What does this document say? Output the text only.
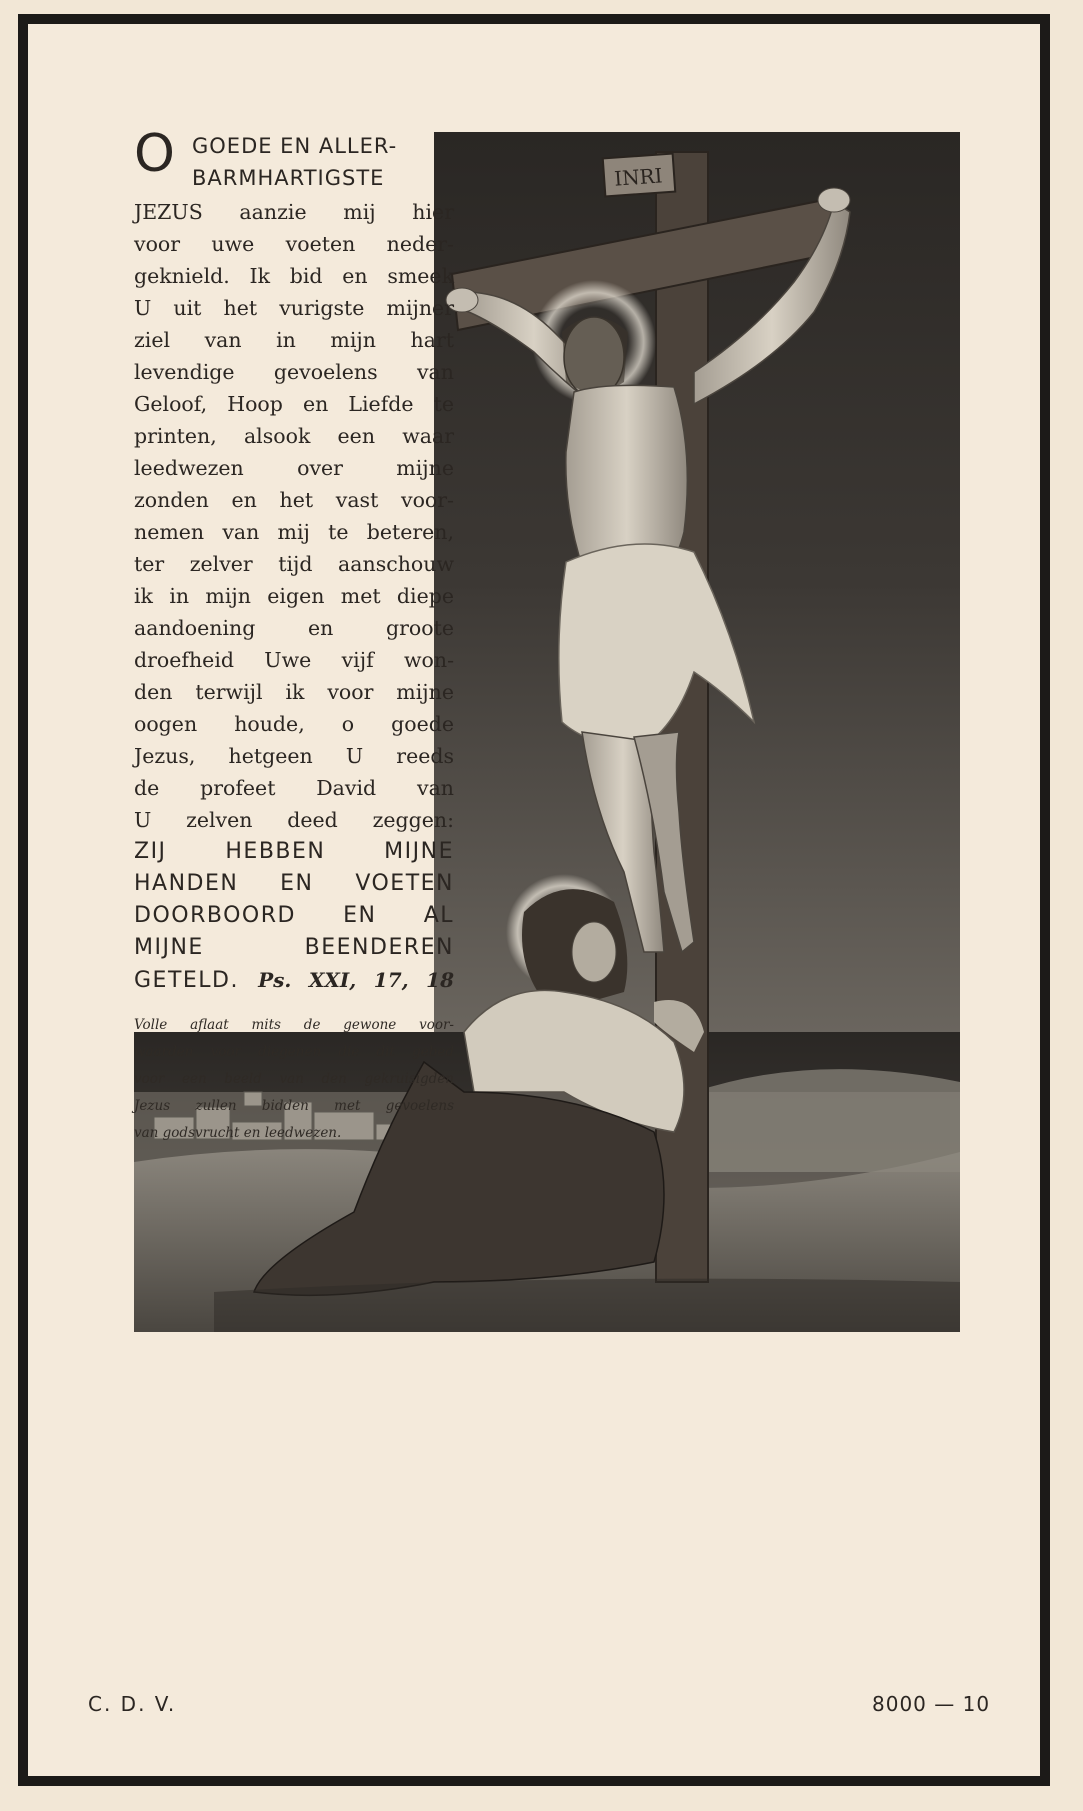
INRI
O GOEDE EN ALLER-
BARMHARTIGSTE
JEZUS aanzie mij hier
voor uwe voeten neder-
geknield. Ik bid en smeek
U uit het vurigste mijner
ziel van in mijn hart
levendige gevoelens van
Geloof, Hoop en Liefde te
printen, alsook een waar
leedwezen over mijne
zonden en het vast voor-
nemen van mij te beteren,
ter zelver tijd aanschouw
ik in mijn eigen met diepe
aandoening en groote
droefheid Uwe vijf won-
den terwijl ik voor mijne
oogen houde, o goede
Jezus, hetgeen U reeds
de profeet David van
U zelven deed zeggen:
ZIJ HEBBEN MIJNE
HANDEN EN VOETEN
DOORBOORD EN AL
MIJNE BEENDEREN
GETELD. Ps. XXI, 17, 18
Volle aflaat mits de gewone voor-
waarden voor diegenen die dit gebed
voor een beeld van den gekruisigden
Jezus zullen bidden met gevoelens
van godsvrucht en leedwezen.
C. D. V.	8000 — 10
